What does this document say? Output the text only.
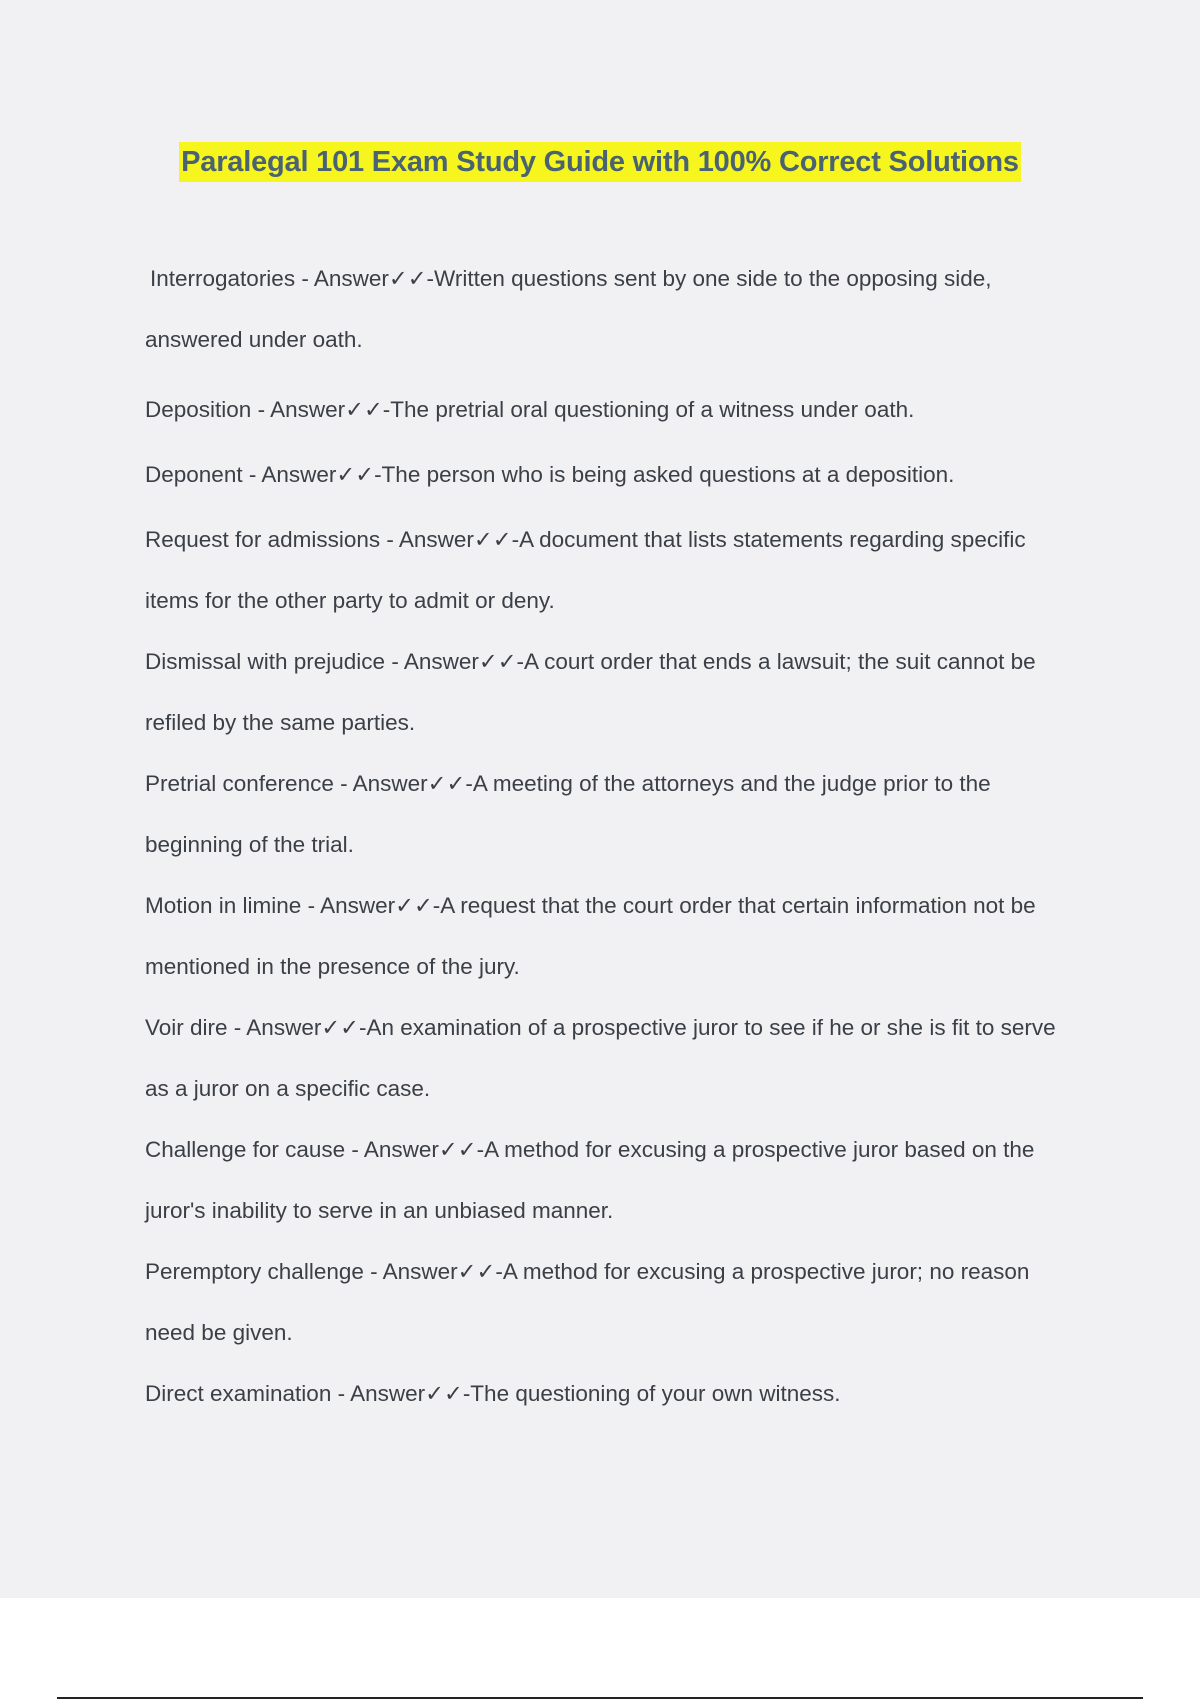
Paralegal 101 Exam Study Guide with 100% Correct Solutions

Interrogatories - Answer✓✓-Written questions sent by one side to the opposing side, answered under oath.

Deposition - Answer✓✓-The pretrial oral questioning of a witness under oath.

Deponent - Answer✓✓-The person who is being asked questions at a deposition.

Request for admissions - Answer✓✓-A document that lists statements regarding specific items for the other party to admit or deny.

Dismissal with prejudice - Answer✓✓-A court order that ends a lawsuit; the suit cannot be refiled by the same parties.

Pretrial conference - Answer✓✓-A meeting of the attorneys and the judge prior to the beginning of the trial.

Motion in limine - Answer✓✓-A request that the court order that certain information not be mentioned in the presence of the jury.

Voir dire - Answer✓✓-An examination of a prospective juror to see if he or she is fit to serve as a juror on a specific case.

Challenge for cause - Answer✓✓-A method for excusing a prospective juror based on the juror's inability to serve in an unbiased manner.

Peremptory challenge - Answer✓✓-A method for excusing a prospective juror; no reason need be given.

Direct examination - Answer✓✓-The questioning of your own witness.
